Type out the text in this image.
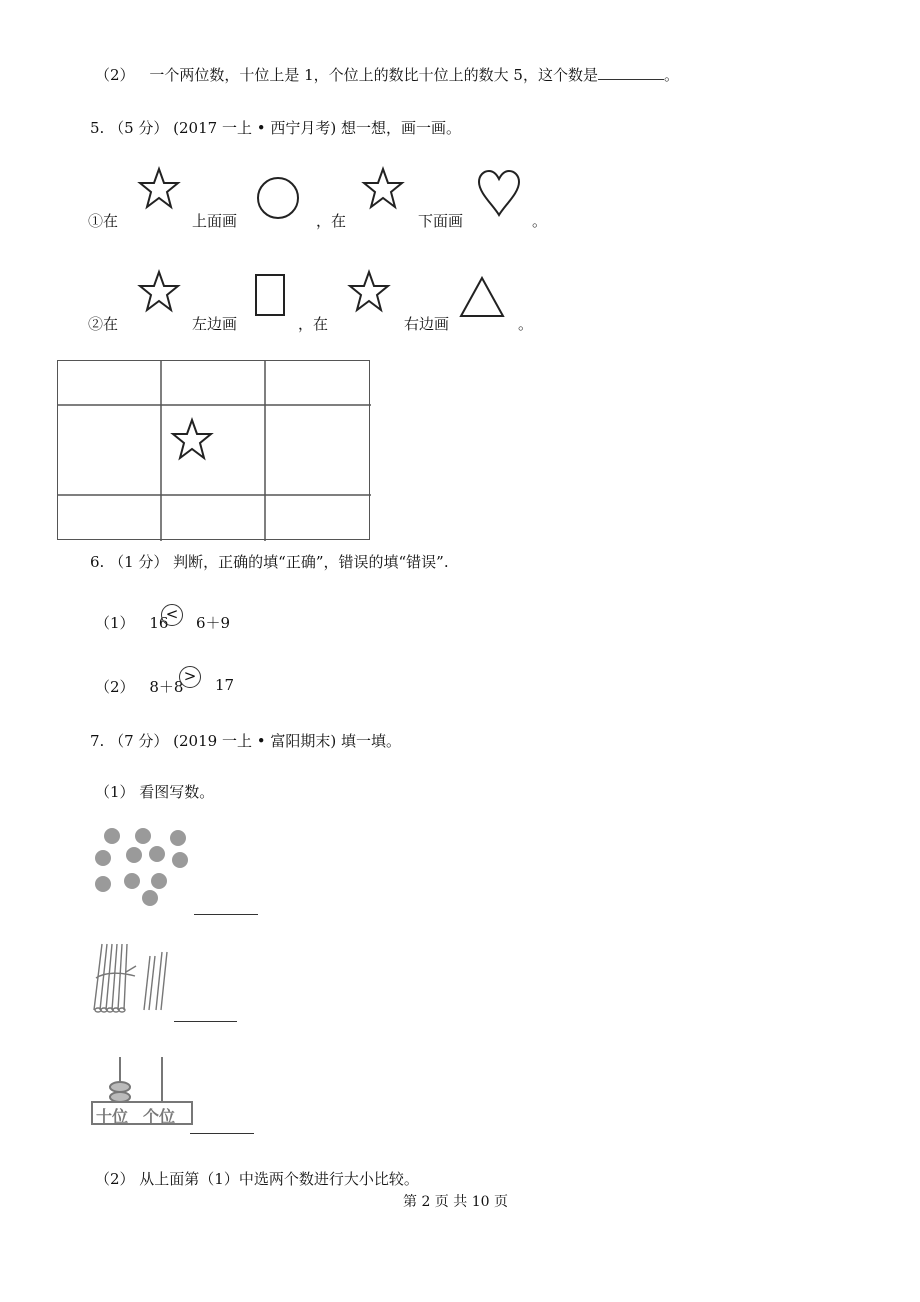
（2） 一个两位数，十位上是 1，个位上的数比十位上的数大 5，这个数是	。
5. （5 分） (2017 一上 • 西宁月考) 想一想，画一画。
①在	上面画	，在	下面画	。
②在	左边画	，在	右边画	。
6. （1 分） 判断，正确的填“正确”，错误的填“错误”.
（1） 16
<	6＋9
（2） 8＋8
>	17
7. （7 分） (2019 一上 • 富阳期末) 填一填。
（1） 看图写数。
十位 个位
（2） 从上面第（1）中选两个数进行大小比较。
第 2 页 共 10 页
